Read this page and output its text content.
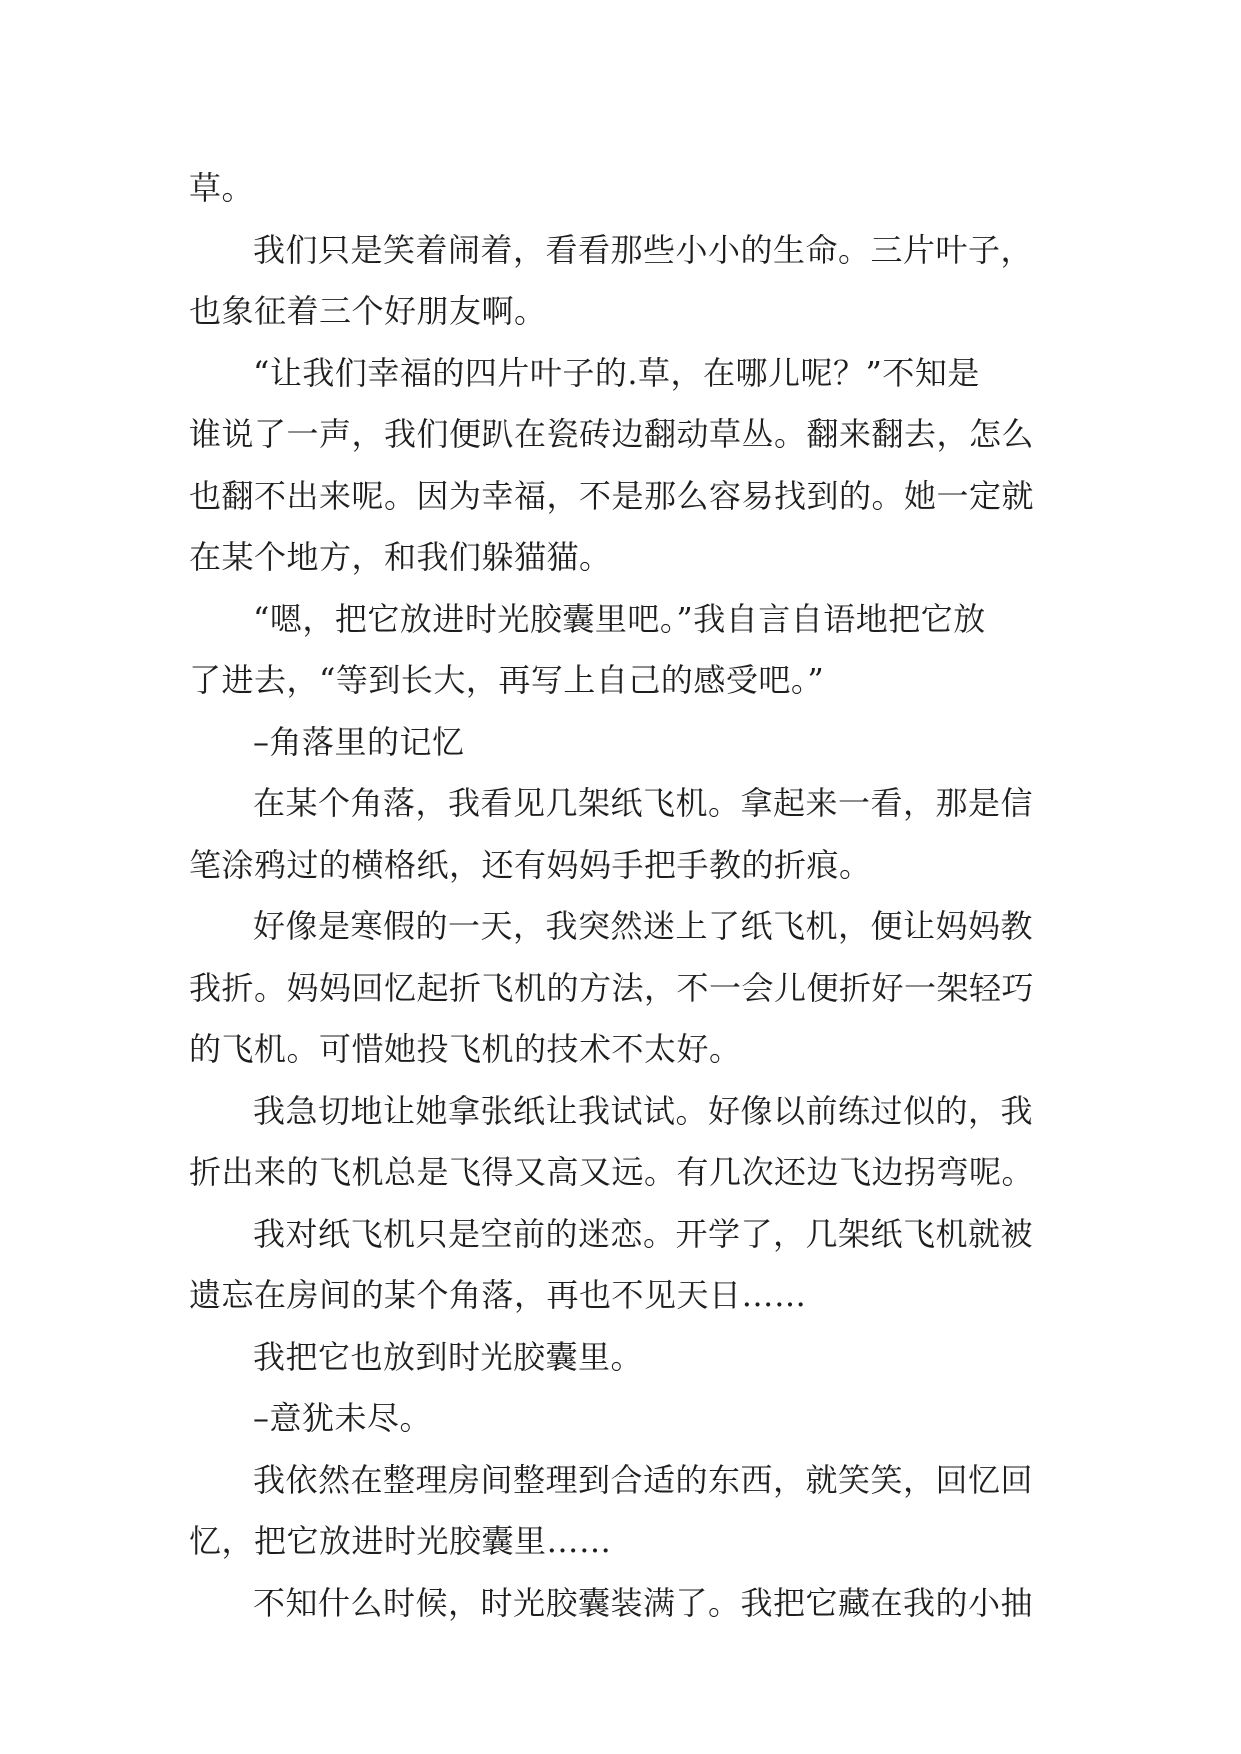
草。
我们只是笑着闹着，看看那些小小的生命。三片叶子，
也象征着三个好朋友啊。
“让我们幸福的四片叶子的.草，在哪儿呢？”不知是
谁说了一声，我们便趴在瓷砖边翻动草丛。翻来翻去，怎么
也翻不出来呢。因为幸福，不是那么容易找到的。她一定就
在某个地方，和我们躲猫猫。
“嗯，把它放进时光胶囊里吧。”我自言自语地把它放
了进去，“等到长大，再写上自己的感受吧。”
–角落里的记忆
在某个角落，我看见几架纸飞机。拿起来一看，那是信
笔涂鸦过的横格纸，还有妈妈手把手教的折痕。
好像是寒假的一天，我突然迷上了纸飞机，便让妈妈教
我折。妈妈回忆起折飞机的方法，不一会儿便折好一架轻巧
的飞机。可惜她投飞机的技术不太好。
我急切地让她拿张纸让我试试。好像以前练过似的，我
折出来的飞机总是飞得又高又远。有几次还边飞边拐弯呢。
我对纸飞机只是空前的迷恋。开学了，几架纸飞机就被
遗忘在房间的某个角落，再也不见天日……
我把它也放到时光胶囊里。
–意犹未尽。
我依然在整理房间整理到合适的东西，就笑笑，回忆回
忆，把它放进时光胶囊里……
不知什么时候，时光胶囊装满了。我把它藏在我的小抽
